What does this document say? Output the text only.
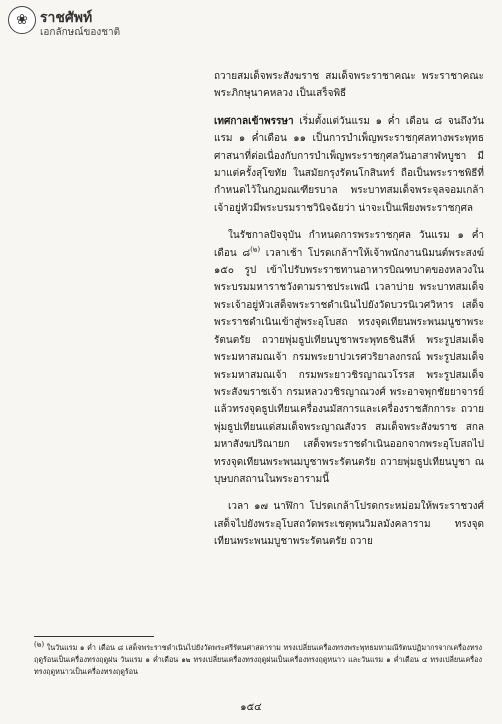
❀ ราชศัพท์
เอกลักษณ์ของชาติ

ถวายสมเด็จพระสังฆราช สมเด็จพระราชาคณะ พระราชาคณะ พระภิกษุนาคหลวง เป็นเสร็จพิธี

เทศกาลเข้าพรรษา เริ่มตั้งแต่วันแรม ๑ ค่ำ เดือน ๘ จนถึงวันแรม ๑ ค่ำเดือน ๑๑ เป็นการบำเพ็ญพระราชกุศลทางพระพุทธศาสนาที่ต่อเนื่องกับการบำเพ็ญพระราชกุศลวันอาสาฬหบูชา มีมาแต่ครั้งสุโขทัย ในสมัยกรุงรัตนโกสินทร์ ถือเป็นพระราชพิธีที่กำหนดไว้ในกฎมณเฑียรบาล พระบาทสมเด็จพระจุลจอมเกล้าเจ้าอยู่หัวมีพระบรมราชวินิจฉัยว่า น่าจะเป็นเพียงพระราชกุศล

ในรัชกาลปัจจุบัน กำหนดการพระราชกุศล วันแรม ๑ ค่ำ เดือน ๘$^{(๒)}$ เวลาเช้า โปรดเกล้าฯให้เจ้าพนักงานนิมนต์พระสงฆ์ ๑๕๐ รูป เข้าไปรับพระราชทานอาหารบิณฑบาตของหลวงในพระบรมมหาราชวังตามราชประเพณี เวลาบ่าย พระบาทสมเด็จพระเจ้าอยู่หัวเสด็จพระราชดำเนินไปยังวัดบวรนิเวศวิหาร เสด็จพระราชดำเนินเข้าสู่พระอุโบสถ ทรงจุดเทียนพระพนมนูชาพระรัตนตรัย ถวายพุ่มธูปเทียนบูชาพระพุทธชินสีห์ พระรูปสมเด็จพระมหาสมณเจ้า กรมพระยาปวเรศวริยาลงกรณ์ พระรูปสมเด็จพระมหาสมณเจ้า กรมพระยาวชิรญาณวโรรส พระรูปสมเด็จพระสังฆราชเจ้า กรมหลวงวชิรญาณวงศ์ พระอาจพุกชัยยาจารย์ แล้วทรงจุดธูปเทียนเครื่องนมัสการและเครื่องราชสักการะ ถวายพุ่มธูปเทียนแด่สมเด็จพระญาณสังวร สมเด็จพระสังฆราช สกลมหาสังฆปริณายก เสด็จพระราชดำเนินออกจากพระอุโบสถไปทรงจุดเทียนพระพนมบูชาพระรัตนตรัย ถวายพุ่มธูปเทียนบูชา ณ บุษบกสถานในพระอารามนี้

เวลา ๑๗ นาฬิกา โปรดเกล้าโปรดกระหม่อมให้พระราชวงศ์เสด็จไปยังพระอุโบสถวัดพระเชตุพนวิมลมังคลาราม ทรงจุดเทียนพระพนมบูชาพระรัตนตรัย ถวาย

$^{(๒)}$ ในวันแรม ๑ ค่ำ เดือน ๘ เสด็จพระราชดำเนินไปยังวัดพระศรีรัตนศาสดาราม ทรงเปลี่ยนเครื่องทรงพระพุทธมหามณีรัตนปฏิมากรจากเครื่องทรงฤดูร้อนเป็นเครื่องทรงฤดูฝน วันแรม ๑ ค่ำเดือน ๑๒ ทรงเปลี่ยนเครื่องทรงฤดูฝนเป็นเครื่องทรงฤดูหนาว และวันแรม ๑ ค่ำเดือน ๔ ทรงเปลี่ยนเครื่องทรงฤดูหนาวเป็นเครื่องทรงฤดูร้อน
๑๕๔
